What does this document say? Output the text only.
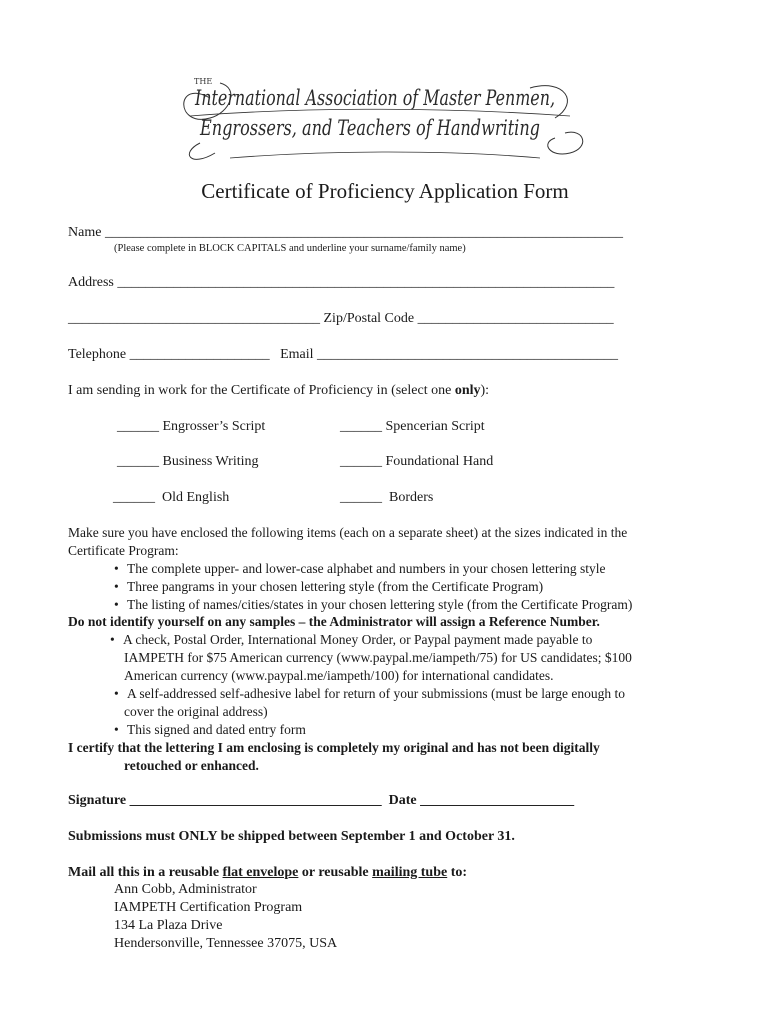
THE
International Association of Master Penmen,
Engrossers, and Teachers of Handwriting
Certificate of Proficiency Application Form
Name __________________________________________________________________________
(Please complete in BLOCK CAPITALS and underline your surname/family name)
Address _______________________________________________________________________
____________________________________ Zip/Postal Code ____________________________
Telephone ____________________ Email ___________________________________________
I am sending in work for the Certificate of Proficiency in (select one only):
______ Engrosser’s Script	______ Spencerian Script
______ Business Writing	______ Foundational Hand
______ Old English	______ Borders
Make sure you have enclosed the following items (each on a separate sheet) at the sizes indicated in the
Certificate Program:
• The complete upper- and lower-case alphabet and numbers in your chosen lettering style
• Three pangrams in your chosen lettering style (from the Certificate Program)
• The listing of names/cities/states in your chosen lettering style (from the Certificate Program)
Do not identify yourself on any samples – the Administrator will assign a Reference Number.
• A check, Postal Order, International Money Order, or Paypal payment made payable to
IAMPETH for $75 American currency (www.paypal.me/iampeth/75) for US candidates; $100
American currency (www.paypal.me/iampeth/100) for international candidates.
• A self-addressed self-adhesive label for return of your submissions (must be large enough to
cover the original address)
• This signed and dated entry form
I certify that the lettering I am enclosing is completely my original and has not been digitally
retouched or enhanced.
Signature ____________________________________ Date ______________________
Submissions must ONLY be shipped between September 1 and October 31.
Mail all this in a reusable flat envelope or reusable mailing tube to:
Ann Cobb, Administrator
IAMPETH Certification Program
134 La Plaza Drive
Hendersonville, Tennessee 37075, USA
